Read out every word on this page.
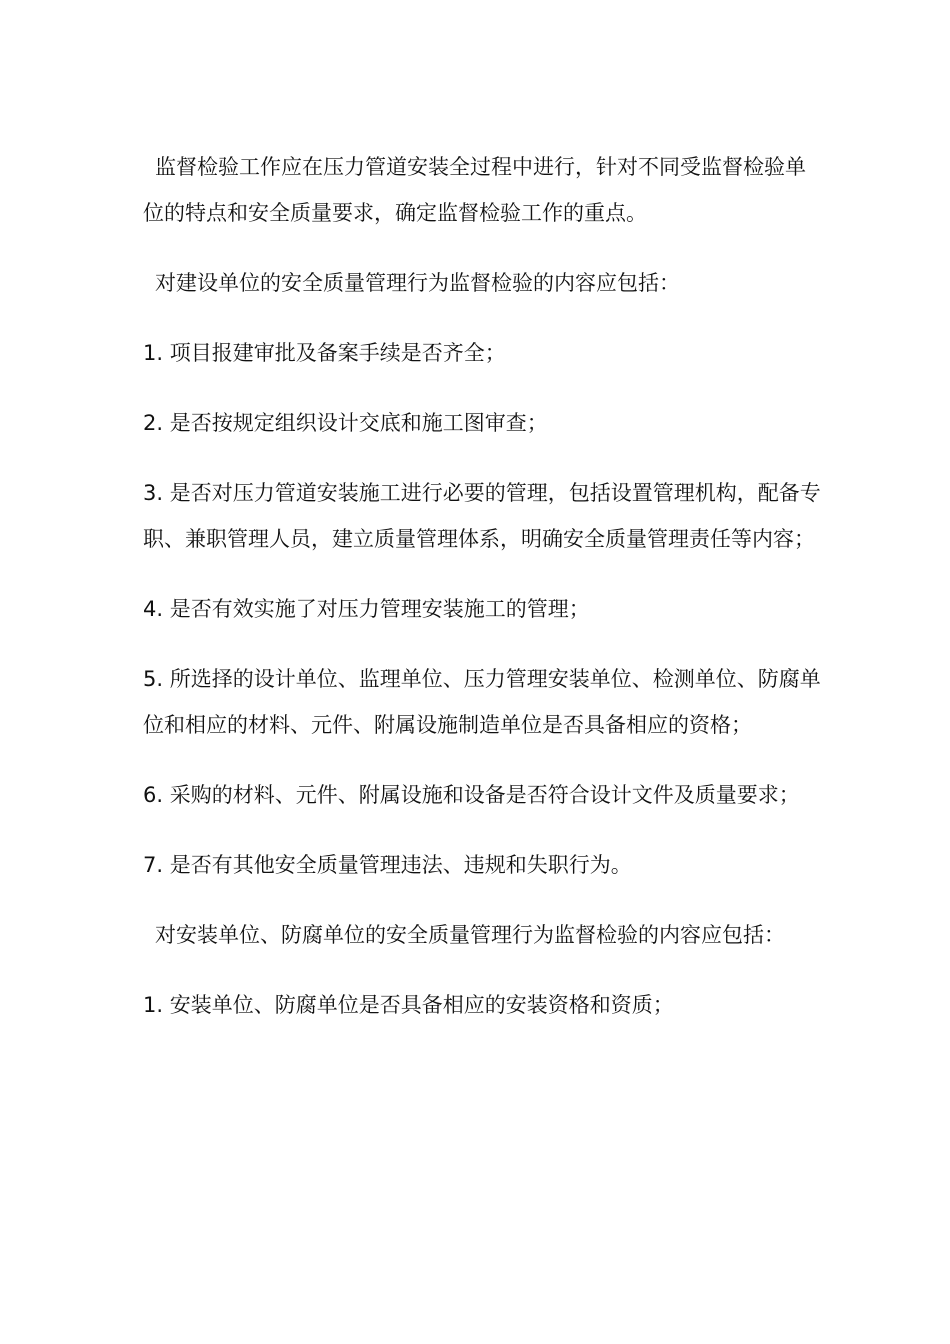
监督检验工作应在压力管道安装全过程中进行，针对不同受监督检验单位的特点和安全质量要求，确定监督检验工作的重点。

对建设单位的安全质量管理行为监督检验的内容应包括：

1. 项目报建审批及备案手续是否齐全；

2. 是否按规定组织设计交底和施工图审查；

3. 是否对压力管道安装施工进行必要的管理，包括设置管理机构，配备专职、兼职管理人员，建立质量管理体系，明确安全质量管理责任等内容；

4. 是否有效实施了对压力管理安装施工的管理；

5. 所选择的设计单位、监理单位、压力管理安装单位、检测单位、防腐单位和相应的材料、元件、附属设施制造单位是否具备相应的资格；

6. 采购的材料、元件、附属设施和设备是否符合设计文件及质量要求；

7. 是否有其他安全质量管理违法、违规和失职行为。

对安装单位、防腐单位的安全质量管理行为监督检验的内容应包括：

1. 安装单位、防腐单位是否具备相应的安装资格和资质；
